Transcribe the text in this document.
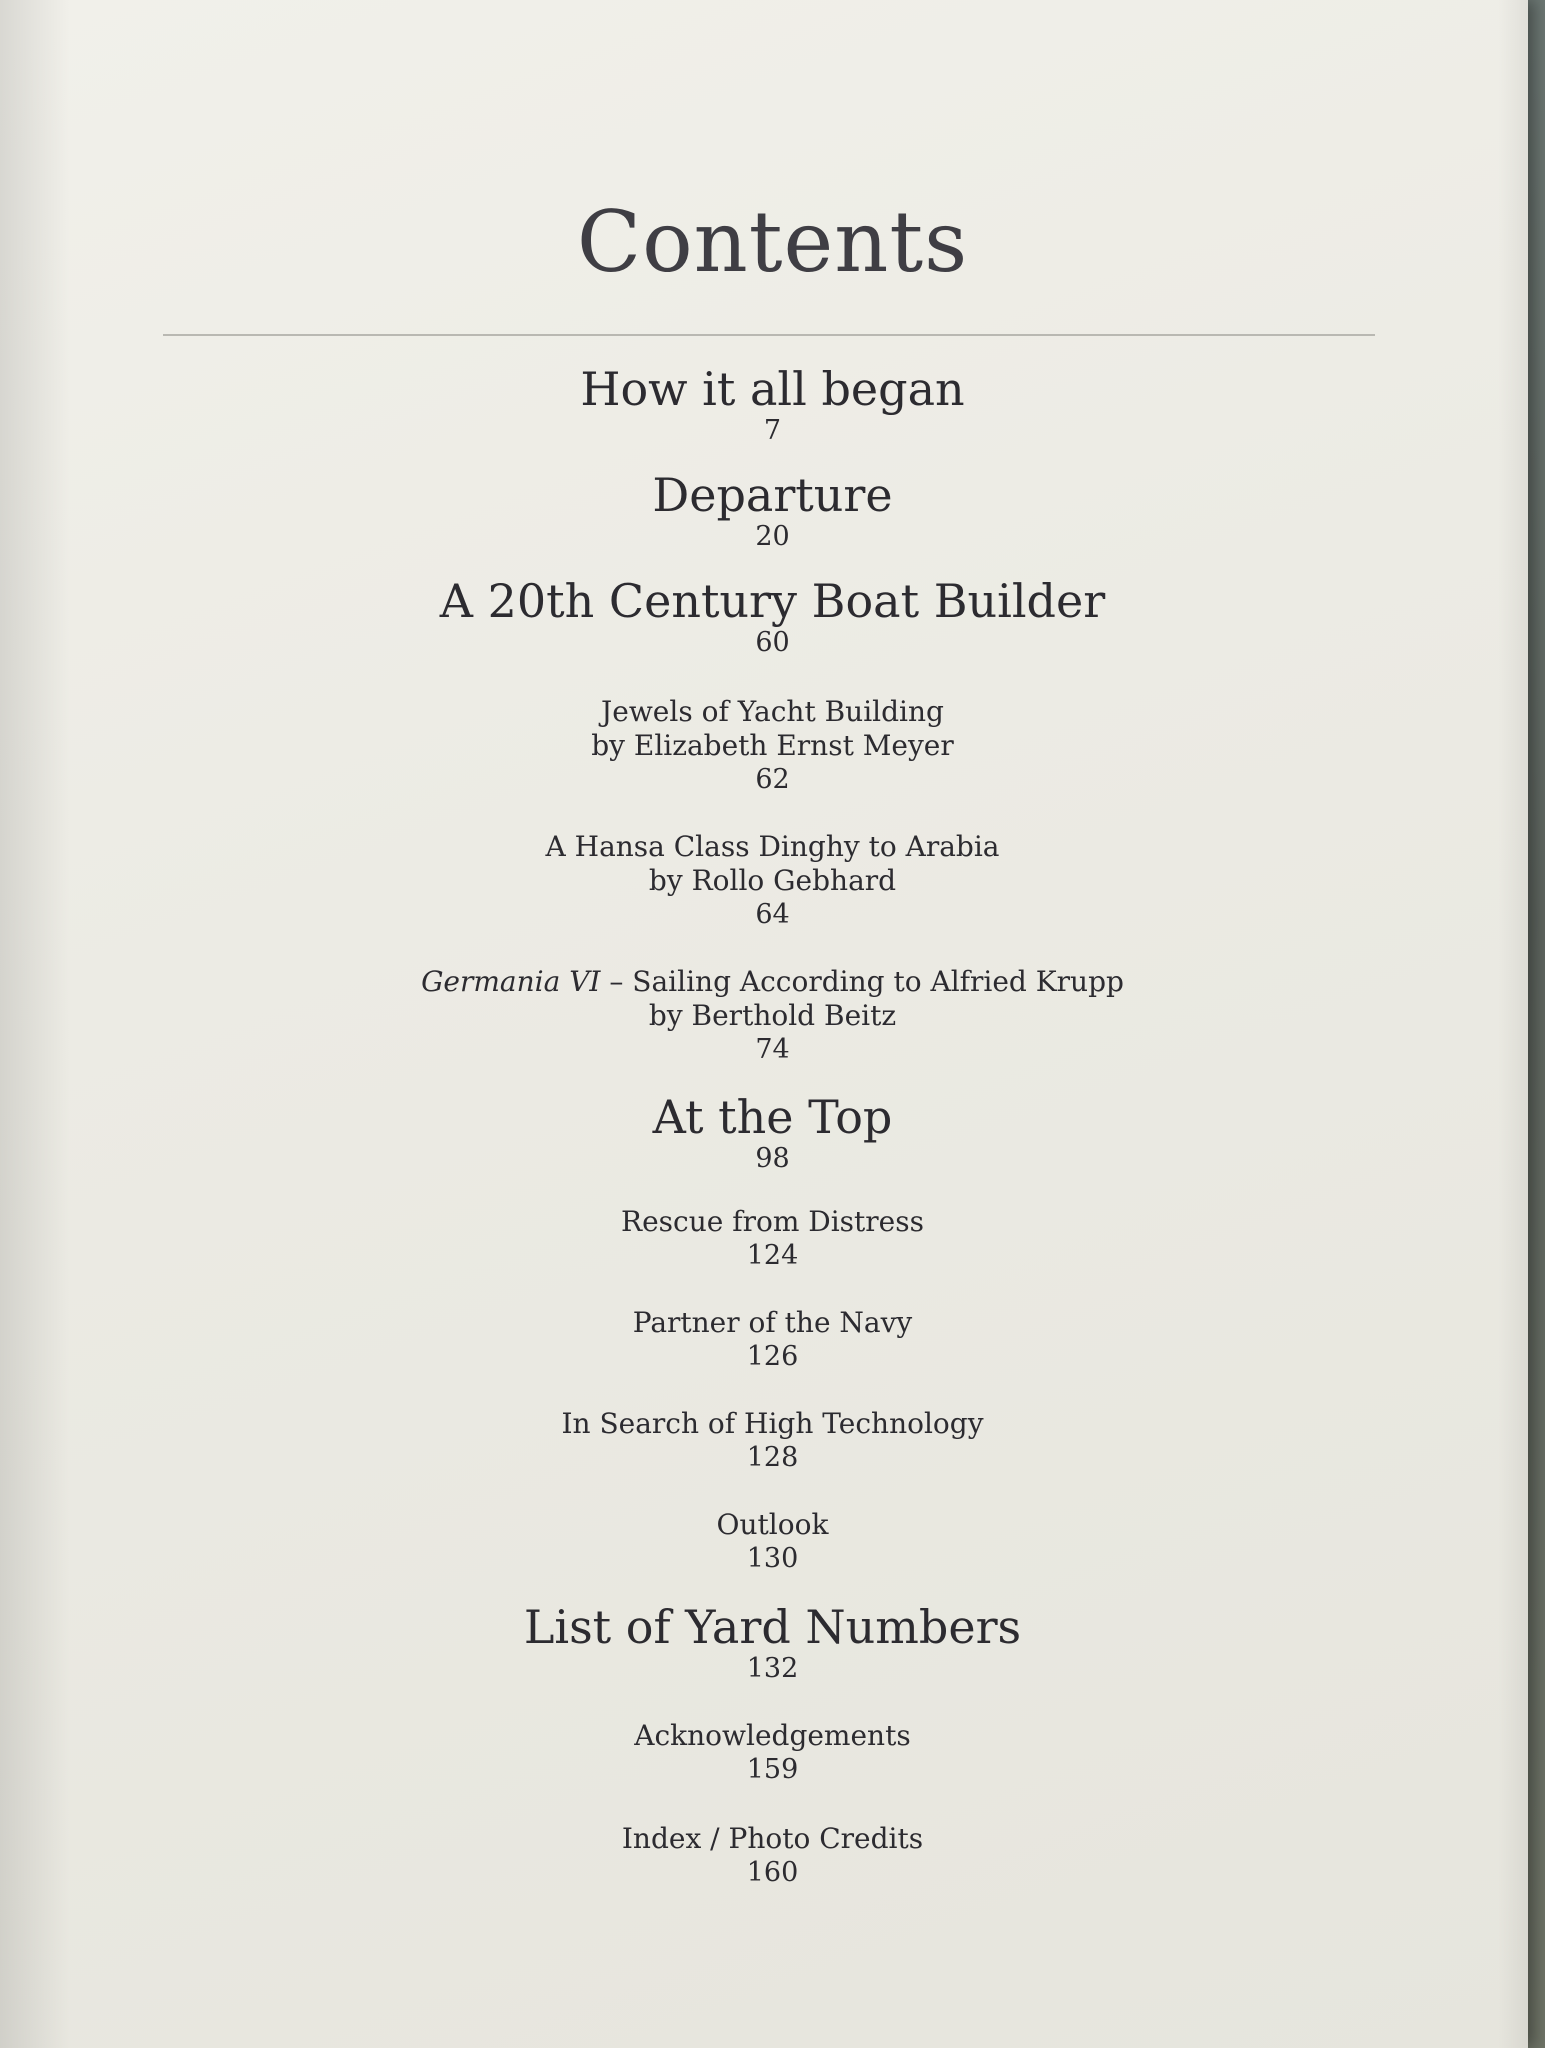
Contents
How it all began
7
Departure
20
A 20th Century Boat Builder
60
Jewels of Yacht Building
by Elizabeth Ernst Meyer
62
A Hansa Class Dinghy to Arabia
by Rollo Gebhard
64
Germania VI – Sailing According to Alfried Krupp
by Berthold Beitz
74
At the Top
98
Rescue from Distress
124
Partner of the Navy
126
In Search of High Technology
128
Outlook
130
List of Yard Numbers
132
Acknowledgements
159
Index / Photo Credits
160
